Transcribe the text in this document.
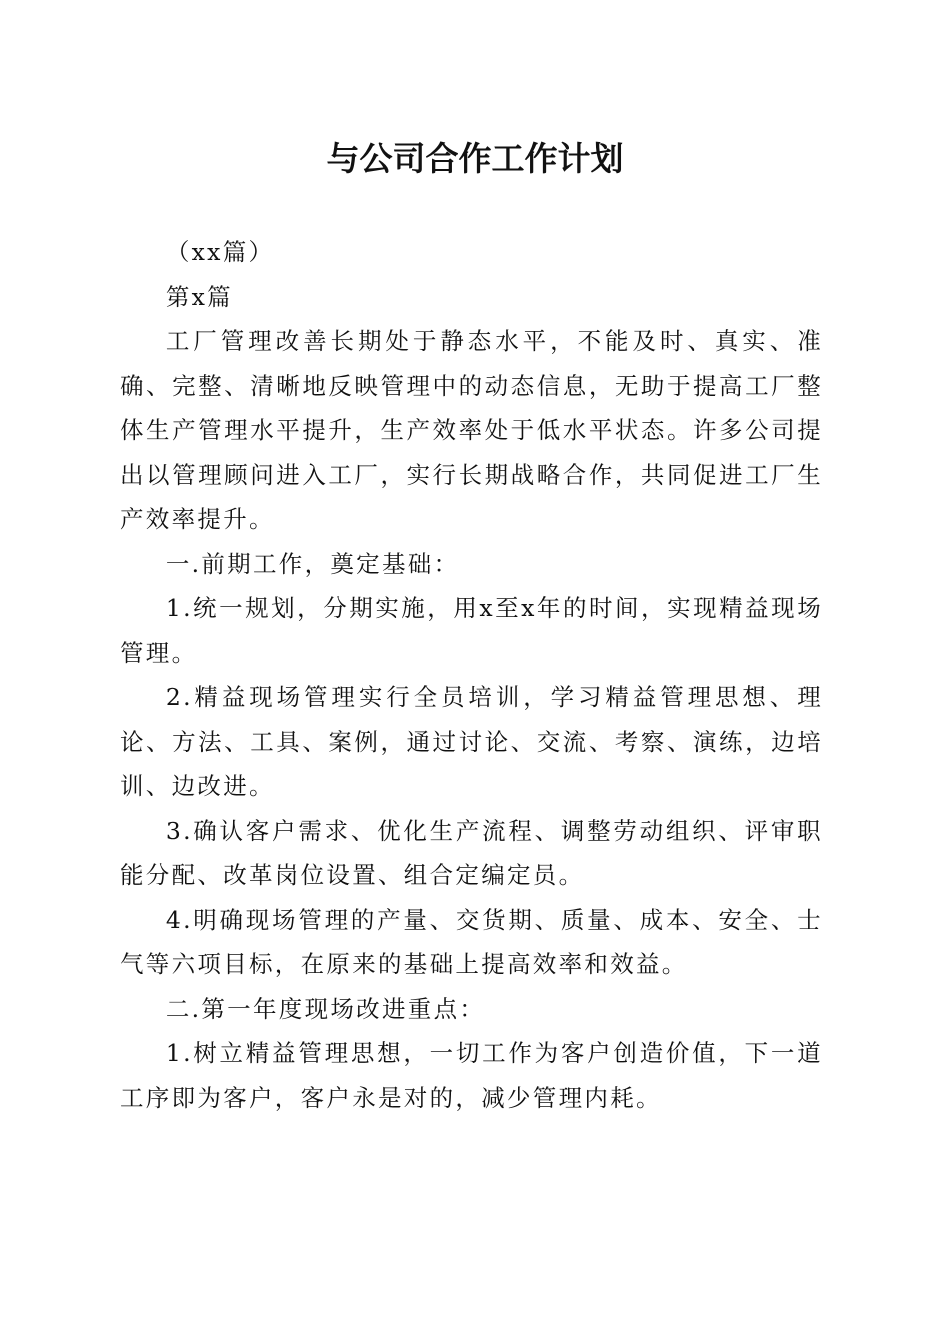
与公司合作工作计划

（xx篇）

第x篇

工厂管理改善长期处于静态水平，不能及时、真实、准确、完整、清晰地反映管理中的动态信息，无助于提高工厂整体生产管理水平提升，生产效率处于低水平状态。许多公司提出以管理顾问进入工厂，实行长期战略合作，共同促进工厂生产效率提升。

一.前期工作，奠定基础：

1.统一规划，分期实施，用x至x年的时间，实现精益现场管理。

2.精益现场管理实行全员培训，学习精益管理思想、理论、方法、工具、案例，通过讨论、交流、考察、演练，边培训、边改进。

3.确认客户需求、优化生产流程、调整劳动组织、评审职能分配、改革岗位设置、组合定编定员。

4.明确现场管理的产量、交货期、质量、成本、安全、士气等六项目标，在原来的基础上提高效率和效益。

二.第一年度现场改进重点：

1.树立精益管理思想，一切工作为客户创造价值，下一道工序即为客户，客户永是对的，减少管理内耗。
